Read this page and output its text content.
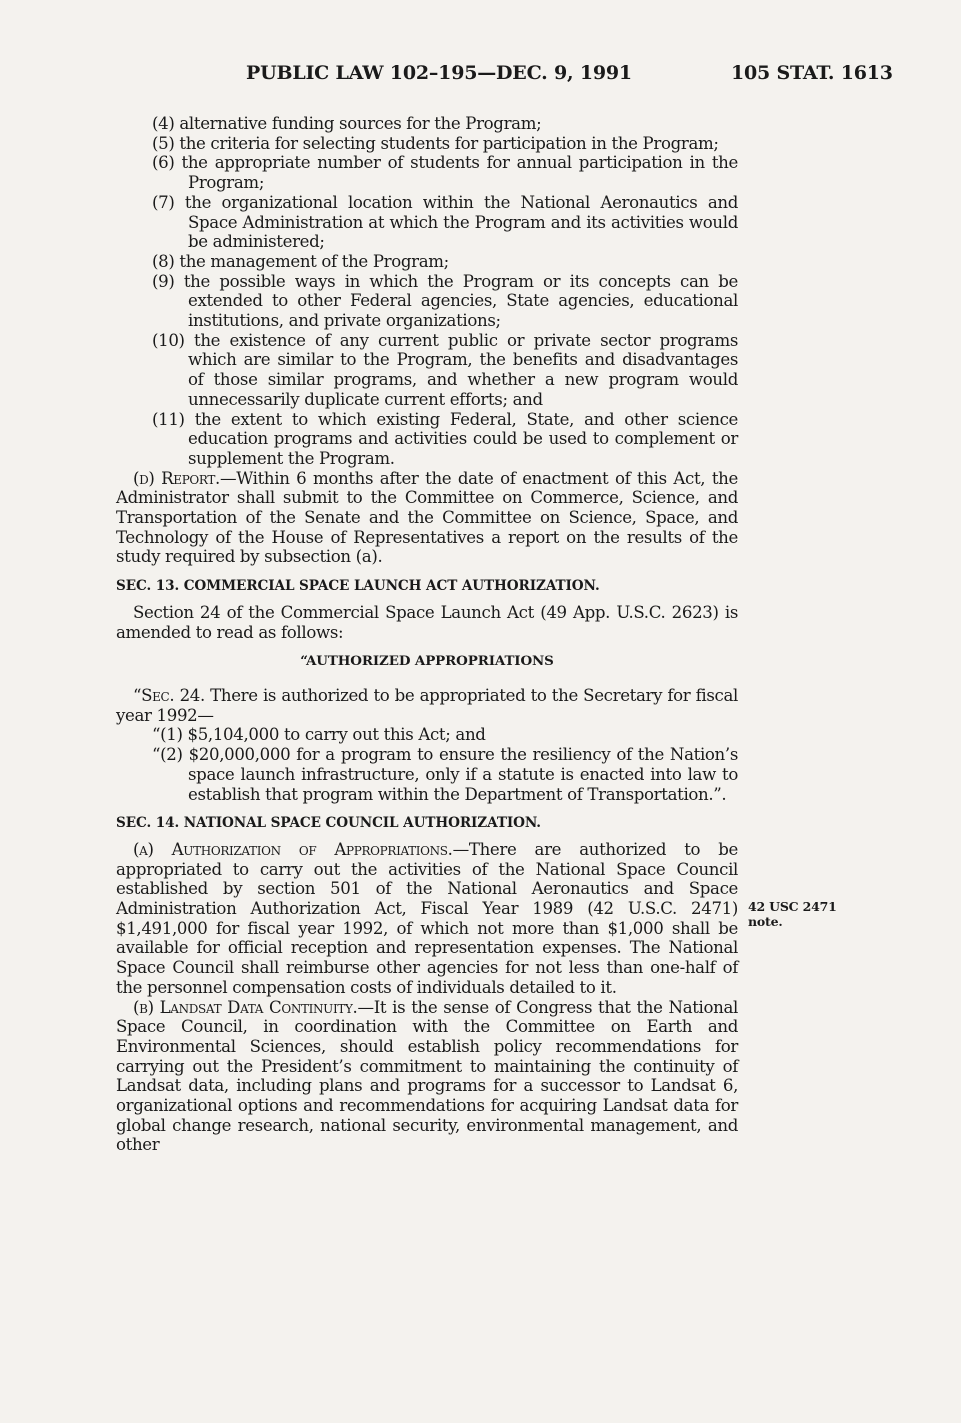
PUBLIC LAW 102–195—DEC. 9, 1991	105 STAT. 1613

(4) alternative funding sources for the Program;

(5) the criteria for selecting students for participation in the Program;

(6) the appropriate number of students for annual participation in the Program;

(7) the organizational location within the National Aeronautics and Space Administration at which the Program and its activities would be administered;

(8) the management of the Program;

(9) the possible ways in which the Program or its concepts can be extended to other Federal agencies, State agencies, educational institutions, and private organizations;

(10) the existence of any current public or private sector programs which are similar to the Program, the benefits and disadvantages of those similar programs, and whether a new program would unnecessarily duplicate current efforts; and

(11) the extent to which existing Federal, State, and other science education programs and activities could be used to complement or supplement the Program.

(d) Report.—Within 6 months after the date of enactment of this Act, the Administrator shall submit to the Committee on Commerce, Science, and Transportation of the Senate and the Committee on Science, Space, and Technology of the House of Representatives a report on the results of the study required by subsection (a).

SEC. 13. COMMERCIAL SPACE LAUNCH ACT AUTHORIZATION.

Section 24 of the Commercial Space Launch Act (49 App. U.S.C. 2623) is amended to read as follows:

“AUTHORIZED APPROPRIATIONS

“Sec. 24. There is authorized to be appropriated to the Secretary for fiscal year 1992—

“(1) $5,104,000 to carry out this Act; and

“(2) $20,000,000 for a program to ensure the resiliency of the Nation’s space launch infrastructure, only if a statute is enacted into law to establish that program within the Department of Transportation.”.

SEC. 14. NATIONAL SPACE COUNCIL AUTHORIZATION.

(a) Authorization of Appropriations.—There are authorized to be appropriated to carry out the activities of the National Space Council established by section 501 of the National Aeronautics and Space Administration Authorization Act, Fiscal Year 1989 (42 U.S.C. 2471) $1,491,000 for fiscal year 1992, of which not more than $1,000 shall be available for official reception and representation expenses. The National Space Council shall reimburse other agencies for not less than one-half of the personnel compensation costs of individuals detailed to it.

(b) Landsat Data Continuity.—It is the sense of Congress that the National Space Council, in coordination with the Committee on Earth and Environmental Sciences, should establish policy recommendations for carrying out the President’s commitment to maintaining the continuity of Landsat data, including plans and programs for a successor to Landsat 6, organizational options and recommendations for acquiring Landsat data for global change research, national security, environmental management, and other

42 USC 2471
note.
